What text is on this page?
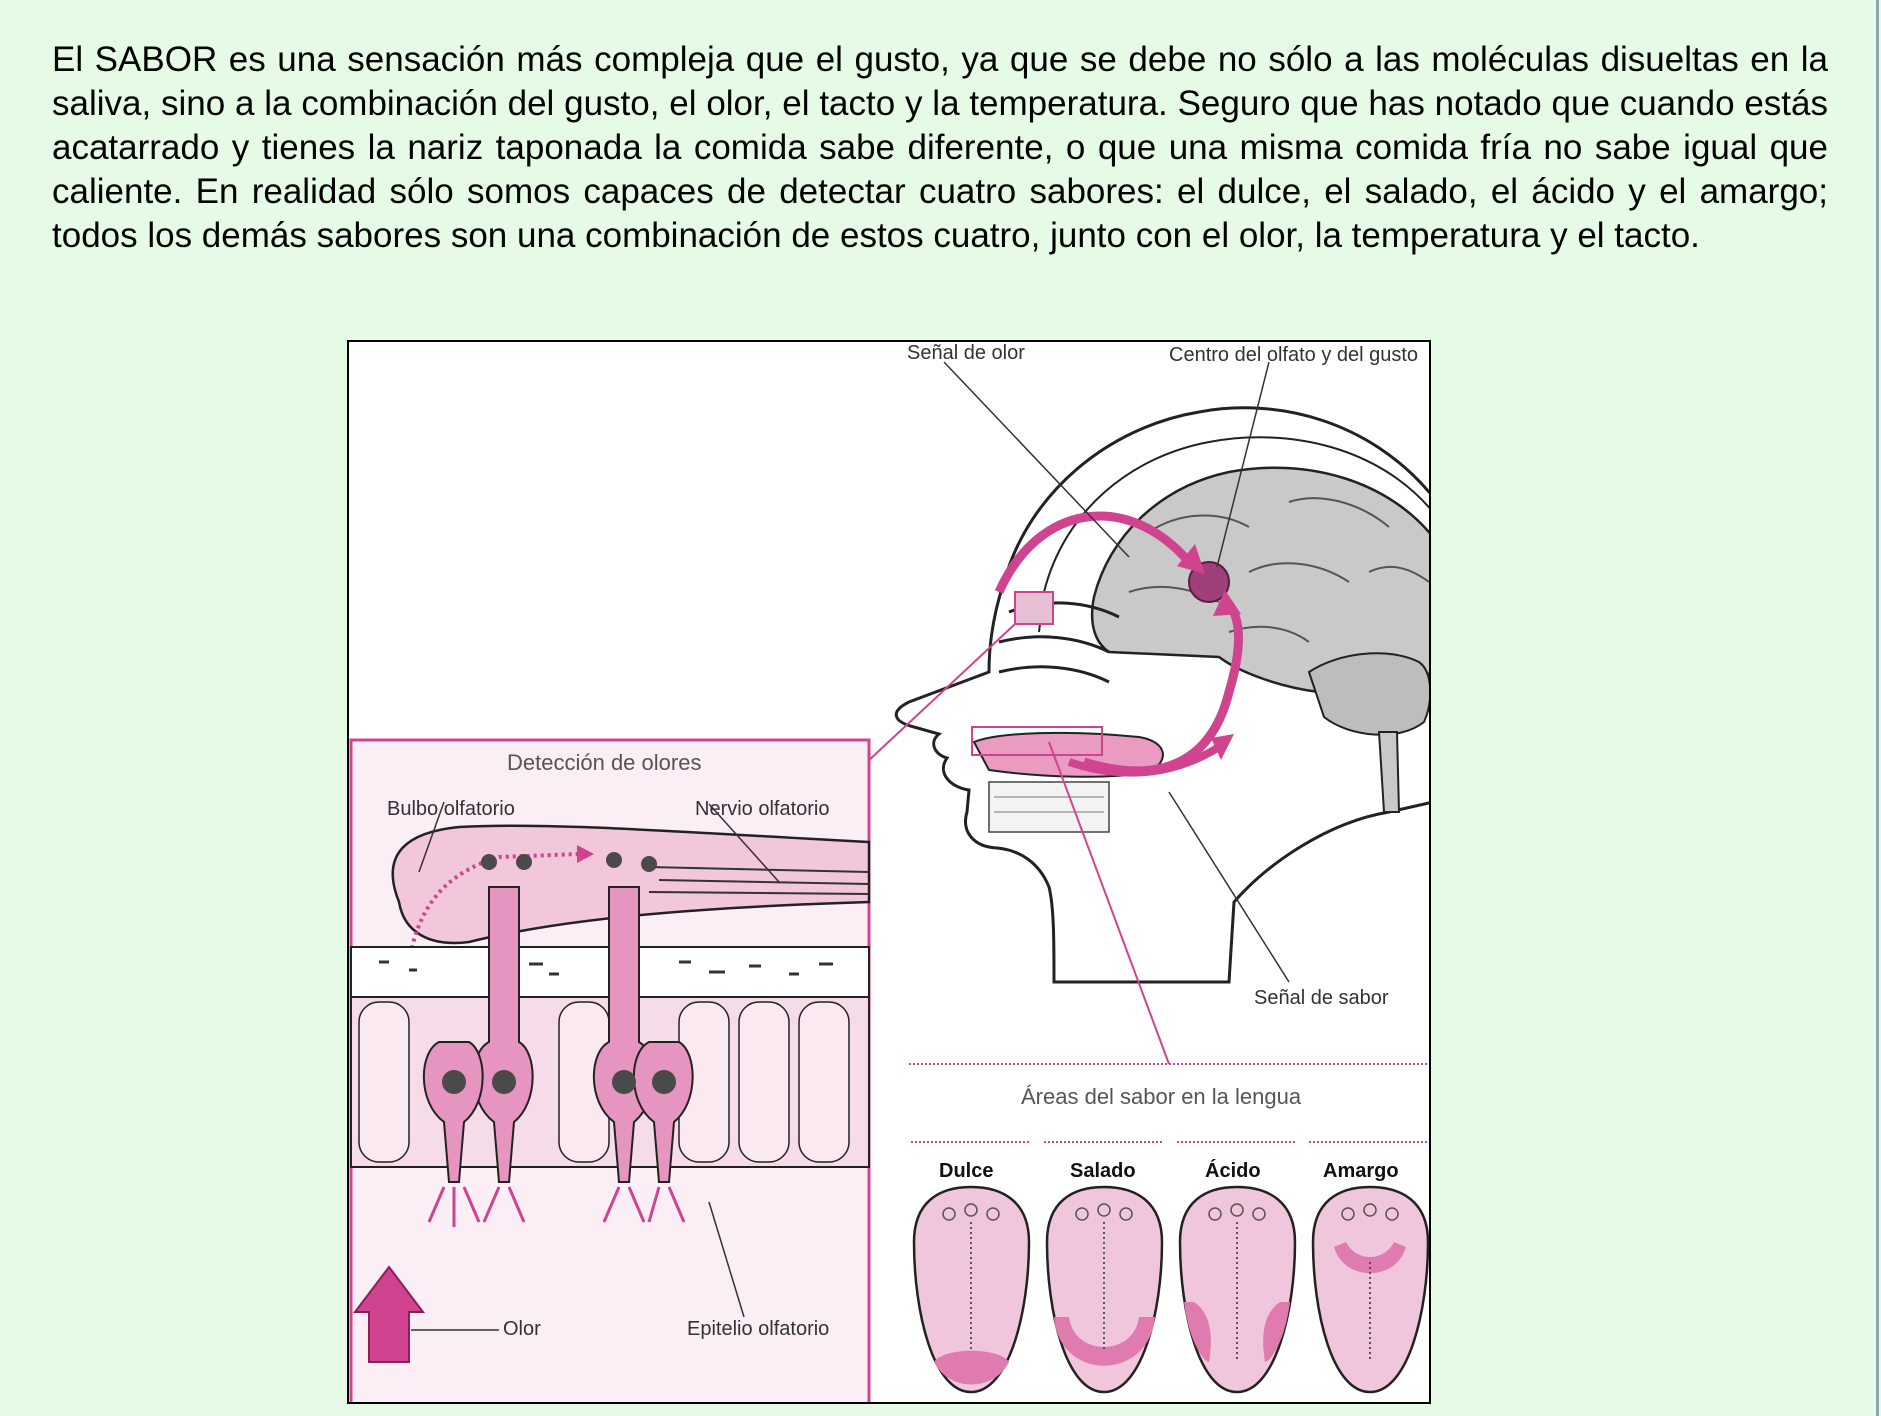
El SABOR es una sensación más compleja que el gusto, ya que se debe no sólo a las moléculas disueltas en la saliva, sino a la combinación del gusto, el olor, el tacto y la temperatura. Seguro que has notado que cuando estás acatarrado y tienes la nariz taponada la comida sabe diferente, o que una misma comida fría no sabe igual que caliente. En realidad sólo somos capaces de detectar cuatro sabores: el dulce, el salado, el ácido y el amargo; todos los demás sabores son una combinación de estos cuatro, junto con el olor, la temperatura y el tacto.

Señal de olor	Centro del olfato y del gusto
Señal de sabor
Detección de olores
Bulbo olfatorio	Nervio olfatorio
Olor	Epitelio olfatorio
Áreas del sabor en la lengua
Dulce	Salado	Ácido	Amargo
